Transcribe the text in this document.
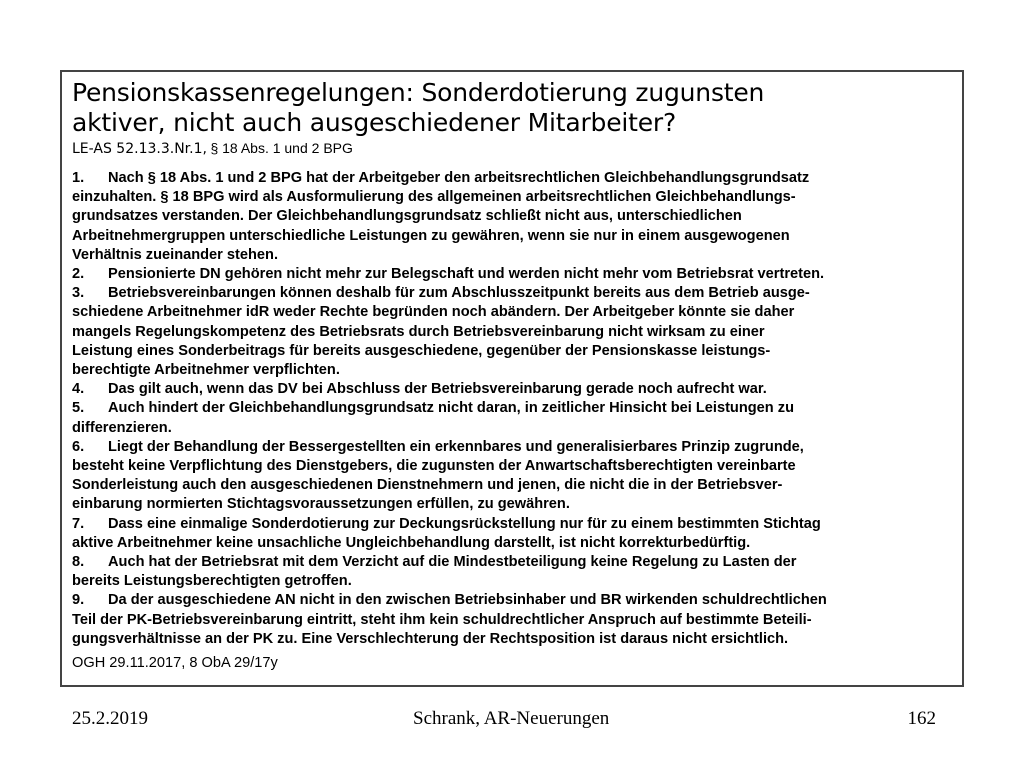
Pensionskassenregelungen: Sonderdotierung zugunsten
aktiver, nicht auch ausgeschiedener Mitarbeiter?
LE-AS 52.13.3.Nr.1, § 18 Abs. 1 und 2 BPG
1. Nach § 18 Abs. 1 und 2 BPG hat der Arbeitgeber den arbeitsrechtlichen Gleichbehandlungsgrundsatz
einzuhalten. § 18 BPG wird als Ausformulierung des allgemeinen arbeitsrechtlichen Gleichbehandlungs-
grundsatzes verstanden. Der Gleichbehandlungsgrundsatz schließt nicht aus, unterschiedlichen
Arbeitnehmergruppen unterschiedliche Leistungen zu gewähren, wenn sie nur in einem ausgewogenen
Verhältnis zueinander stehen.
2. Pensionierte DN gehören nicht mehr zur Belegschaft und werden nicht mehr vom Betriebsrat vertreten.
3. Betriebsvereinbarungen können deshalb für zum Abschlusszeitpunkt bereits aus dem Betrieb ausge-
schiedene Arbeitnehmer idR weder Rechte begründen noch abändern. Der Arbeitgeber könnte sie daher
mangels Regelungskompetenz des Betriebsrats durch Betriebsvereinbarung nicht wirksam zu einer
Leistung eines Sonderbeitrags für bereits ausgeschiedene, gegenüber der Pensionskasse leistungs-
berechtigte Arbeitnehmer verpflichten.
4. Das gilt auch, wenn das DV bei Abschluss der Betriebsvereinbarung gerade noch aufrecht war.
5. Auch hindert der Gleichbehandlungsgrundsatz nicht daran, in zeitlicher Hinsicht bei Leistungen zu
differenzieren.
6. Liegt der Behandlung der Bessergestellten ein erkennbares und generalisierbares Prinzip zugrunde,
besteht keine Verpflichtung des Dienstgebers, die zugunsten der Anwartschaftsberechtigten vereinbarte
Sonderleistung auch den ausgeschiedenen Dienstnehmern und jenen, die nicht die in der Betriebsver-
einbarung normierten Stichtagsvoraussetzungen erfüllen, zu gewähren.
7. Dass eine einmalige Sonderdotierung zur Deckungsrückstellung nur für zu einem bestimmten Stichtag
aktive Arbeitnehmer keine unsachliche Ungleichbehandlung darstellt, ist nicht korrekturbedürftig.
8. Auch hat der Betriebsrat mit dem Verzicht auf die Mindestbeteiligung keine Regelung zu Lasten der
bereits Leistungsberechtigten getroffen.
9. Da der ausgeschiedene AN nicht in den zwischen Betriebsinhaber und BR wirkenden schuldrechtlichen
Teil der PK-Betriebsvereinbarung eintritt, steht ihm kein schuldrechtlicher Anspruch auf bestimmte Beteili-
gungsverhältnisse an der PK zu. Eine Verschlechterung der Rechtsposition ist daraus nicht ersichtlich.
OGH 29.11.2017, 8 ObA 29/17y
25.2.2019	Schrank, AR-Neuerungen	162
